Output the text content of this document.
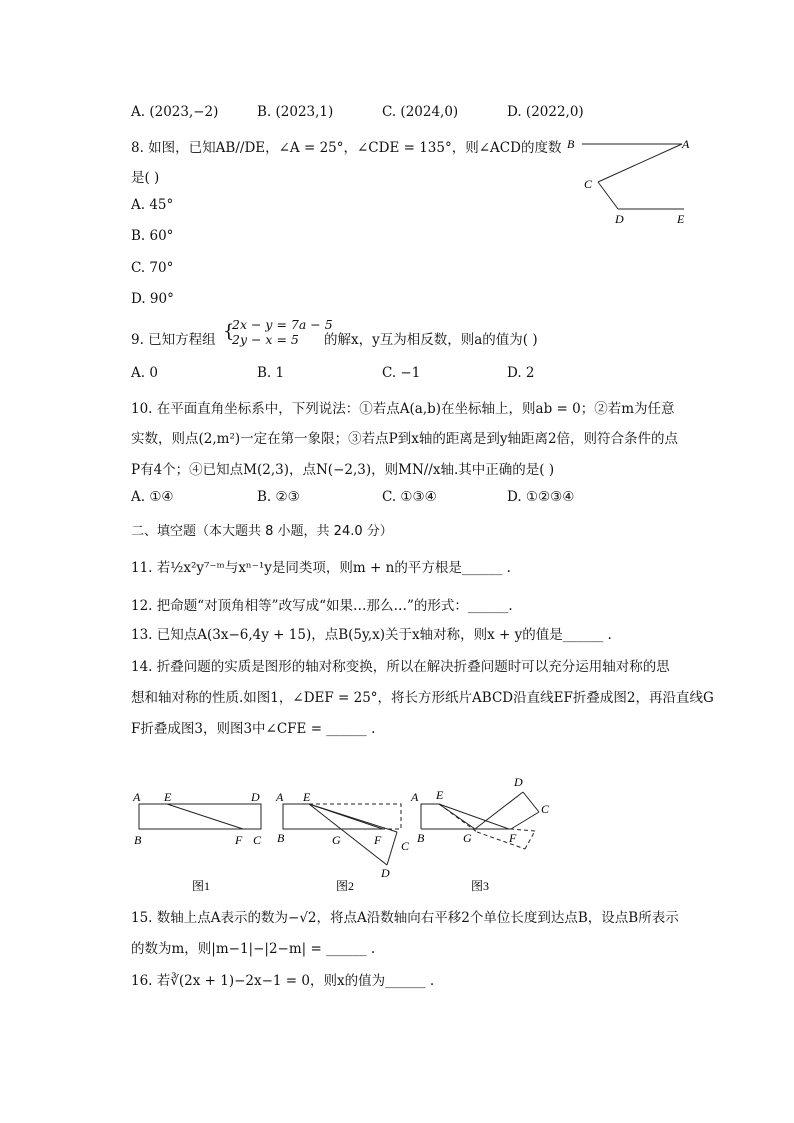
A. (2023,−2)	B. (2023,1)	C. (2024,0)	D. (2022,0)
8. 如图，已知AB//DE，∠A = 25°，∠CDE = 135°，则∠ACD的度数
是( )
A. 45°
B. 60°
C. 70°
D. 90°
B	A
C
D	E
9. 已知方程组 {
2x − y = 7a − 5
2y − x = 5 的解x，y互为相反数，则a的值为( )
A. 0	B. 1	C. −1	D. 2
10. 在平面直角坐标系中，下列说法：①若点A(a,b)在坐标轴上，则ab = 0；②若m为任意
实数，则点(2,m²)一定在第一象限；③若点P到x轴的距离是到y轴距离2倍，则符合条件的点
P有4个；④已知点M(2,3)，点N(−2,3)，则MN//x轴.其中正确的是( )
A. ①④	B. ②③	C. ①③④	D. ①②③④
二、填空题（本大题共 8 小题，共 24.0 分）
11. 若½x²y⁷⁻ᵐ与xⁿ⁻¹y是同类项，则m + n的平方根是______ .
12. 把命题“对顶角相等”改写成“如果…那么…”的形式：______.
13. 已知点A(3x−6,4y + 15)，点B(5y,x)关于x轴对称，则x + y的值是______ .
14. 折叠问题的实质是图形的轴对称变换，所以在解决折叠问题时可以充分运用轴对称的思
想和轴对称的性质.如图1，∠DEF = 25°，将长方形纸片ABCD沿直线EF折叠成图2，再沿直线G
F折叠成图3，则图3中∠CFE = ______ .
A E	D
B	F C
图1
A E
B	G	F C
D
图2
A E
D
C
B	G	F
图3
15. 数轴上点A表示的数为−√2，将点A沿数轴向右平移2个单位长度到达点B，设点B所表示
的数为m，则|m−1|−|2−m| = ______ .
16. 若∛(2x + 1)−2x−1 = 0，则x的值为______ .
